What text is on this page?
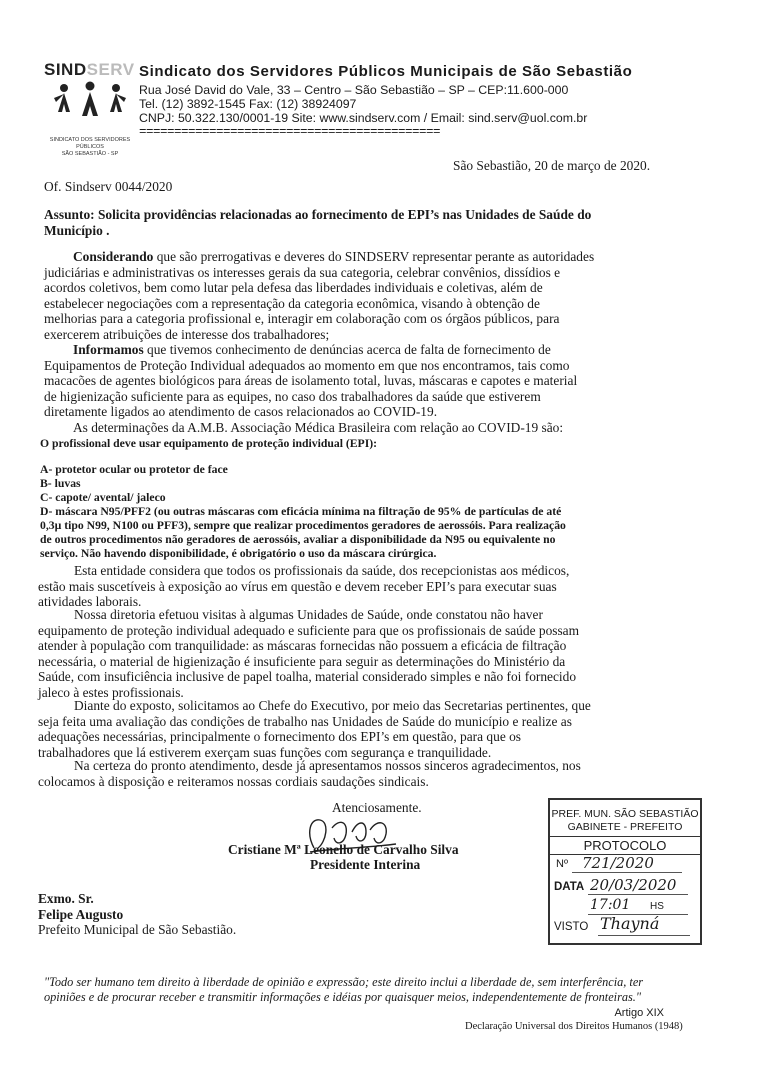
SINDSERV
SINDICATO DOS SERVIDORES PÚBLICOS
SÃO SEBASTIÃO - SP
Sindicato dos Servidores Públicos Municipais de São Sebastião
Rua José David do Vale, 33 – Centro – São Sebastião – SP – CEP:11.600-000
Tel. (12) 3892-1545 Fax: (12) 38924097
CNPJ: 50.322.130/0001-19 Site: www.sindserv.com / Email: sind.serv@uol.com.br
===========================================
São Sebastião, 20 de março de 2020.
Of. Sindserv 0044/2020
Assunto: Solicita providências relacionadas ao fornecimento de EPI’s nas Unidades de Saúde do
Município .
Considerando que são prerrogativas e deveres do SINDSERV representar perante as autoridades
judiciárias e administrativas os interesses gerais da sua categoria, celebrar convênios, dissídios e
acordos coletivos, bem como lutar pela defesa das liberdades individuais e coletivas, além de
estabelecer negociações com a representação da categoria econômica, visando à obtenção de
melhorias para a categoria profissional e, interagir em colaboração com os órgãos públicos, para
exercerem atribuições de interesse dos trabalhadores;
Informamos que tivemos conhecimento de denúncias acerca de falta de fornecimento de
Equipamentos de Proteção Individual adequados ao momento em que nos encontramos, tais como
macacões de agentes biológicos para áreas de isolamento total, luvas, máscaras e capotes e material
de higienização suficiente para as equipes, no caso dos trabalhadores da saúde que estiverem
diretamente ligados ao atendimento de casos relacionados ao COVID-19.
As determinações da A.M.B. Associação Médica Brasileira com relação ao COVID-19 são:
O profissional deve usar equipamento de proteção individual (EPI):
A- protetor ocular ou protetor de face
B- luvas
C- capote/ avental/ jaleco
D- máscara N95/PFF2 (ou outras máscaras com eficácia mínima na filtração de 95% de partículas de até
0,3µ tipo N99, N100 ou PFF3), sempre que realizar procedimentos geradores de aerossóis. Para realização
de outros procedimentos não geradores de aerossóis, avaliar a disponibilidade da N95 ou equivalente no
serviço. Não havendo disponibilidade, é obrigatório o uso da máscara cirúrgica.
Esta entidade considera que todos os profissionais da saúde, dos recepcionistas aos médicos,
estão mais suscetíveis à exposição ao vírus em questão e devem receber EPI’s para executar suas
atividades laborais.
Nossa diretoria efetuou visitas à algumas Unidades de Saúde, onde constatou não haver
equipamento de proteção individual adequado e suficiente para que os profissionais de saúde possam
atender à população com tranquilidade: as máscaras fornecidas não possuem a eficácia de filtração
necessária, o material de higienização é insuficiente para seguir as determinações do Ministério da
Saúde, com insuficiência inclusive de papel toalha, material considerado simples e não foi fornecido
jaleco à estes profissionais.
Diante do exposto, solicitamos ao Chefe do Executivo, por meio das Secretarias pertinentes, que
seja feita uma avaliação das condições de trabalho nas Unidades de Saúde do município e realize as
adequações necessárias, principalmente o fornecimento dos EPI’s em questão, para que os
trabalhadores que lá estiverem exerçam suas funções com segurança e tranquilidade.
Na certeza do pronto atendimento, desde já apresentamos nossos sinceros agradecimentos, nos
colocamos à disposição e reiteramos nossas cordiais saudações sindicais.
Atenciosamente.
Cristiane Mª Leonello de Carvalho Silva
Presidente Interina
PREF. MUN. SÃO SEBASTIÃO
GABINETE - PREFEITO
PROTOCOLO
Nº 721/2020
DATA 20/03/2020
17:01 HS
VISTO Thayná
Exmo. Sr.
Felipe Augusto
Prefeito Municipal de São Sebastião.
"Todo ser humano tem direito à liberdade de opinião e expressão; este direito inclui a liberdade de, sem interferência, ter
opiniões e de procurar receber e transmitir informações e idéias por quaisquer meios, independentemente de fronteiras."
Artigo XIX
Declaração Universal dos Direitos Humanos (1948)
